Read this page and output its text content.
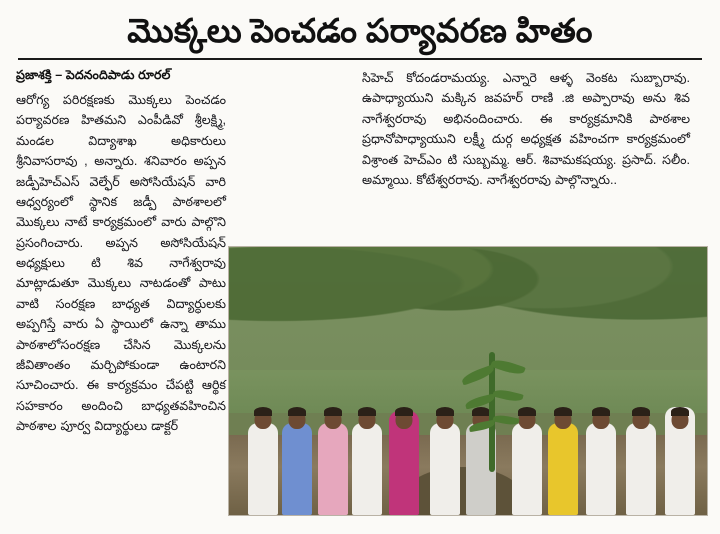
మొక్కలు పెంచడం పర్యావరణ హితం
ప్రజాశక్తి – పెదనందిపాడు రూరల్
ఆరోగ్య పరిరక్షణకు మొక్కలు పెంచడం పర్యావరణ హితమని ఎంపీడివో శ్రీలక్ష్మి, మండల విద్యాశాఖ అధికారులు శ్రీనివాసరావు , అన్నారు. శనివారం అప్పన జడ్పీహెచ్ఎస్ వెల్ఫేర్ అసోసియేషన్ వారి ఆధ్వర్యంలో స్థానిక జడ్పీ పాఠశాలలో మొక్కలు నాటే కార్యక్రమంలో వారు పాల్గొని ప్రసంగించారు. అప్పన అసోసియేషన్ అధ్యక్షులు టి శివ నాగేశ్వరావు మాట్లాడుతూ మొక్కలు నాటడంతో పాటు వాటి సంరక్షణ బాధ్యత విద్యార్ధులకు అప్పగిస్తే వారు ఏ స్థాయిలో ఉన్నా తాము పాఠశాలోసంరక్షణ చేసిన మొక్కలను జీవితాంతం మర్చిపోకుండా ఉంటారని సూచించారు. ఈ కార్యక్రమం చేపట్టి ఆర్థిక సహకారం అందించి బాధ్యతవహించిన పాఠశాల పూర్వ విద్యార్థులు డాక్టర్
సిహెచ్ కోదండరామయ్య. ఎన్నారె ఆళ్ళ వెంకట సుబ్బారావు. ఉపాధ్యాయుని మక్కిన జవహర్ రాణి .జి అప్పారావు అను శివ నాగేశ్వరరావు అభినందించారు. ఈ కార్యక్రమానికి పాఠశాల ప్రధానోపాధ్యాయుని లక్ష్మీ దుర్గ అధ్యక్షత వహించగా కార్యక్రమంలో విశ్రాంత హెచ్ఎం టి సుబ్బమ్మ. ఆర్. శివామకషయ్య. ప్రసాద్. సలీం. అమ్మాయి. కోటేశ్వరరావు. నాగేశ్వరరావు పాల్గొన్నారు..
